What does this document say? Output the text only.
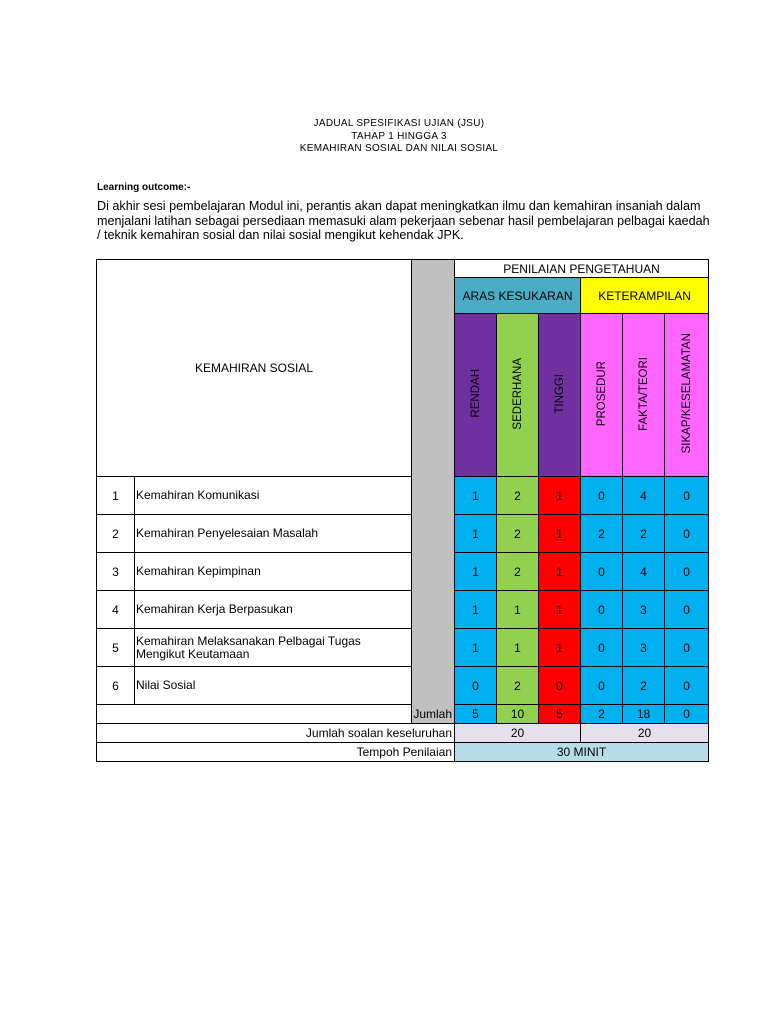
JADUAL SPESIFIKASI UJIAN (JSU)
TAHAP 1 HINGGA 3
KEMAHIRAN SOSIAL DAN NILAI SOSIAL
Learning outcome:-
Di akhir sesi pembelajaran Modul ini, perantis akan dapat meningkatkan ilmu dan kemahiran insaniah dalam menjalani latihan sebagai persediaan memasuki alam pekerjaan sebenar hasil pembelajaran pelbagai kaedah / teknik kemahiran sosial dan nilai sosial mengikut kehendak JPK.
KEMAHIRAN SOSIAL			PENILAIAN PENGETAHUAN					
			ARAS KESUKARAN			KETERAMPILAN		
			RENDAH	SEDERHANA	TINGGI	PROSEDUR	FAKTA/TEORI	SIKAP/KESELAMATAN
1	Kemahiran Komunikasi		1	2	1	0	4	0
2	Kemahiran Penyelesaian Masalah		1	2	1	2	2	0
3	Kemahiran Kepimpinan		1	2	1	0	4	0
4	Kemahiran Kerja Berpasukan		1	1	1	0	3	0
5	Kemahiran Melaksanakan Pelbagai Tugas Mengikut Keutamaan		1	1	1	0	3	0
6	Nilai Sosial		0	2	0	0	2	0
Jumlah			5	10	5	2	18	0
Jumlah soalan keseluruhan			20			20		
Tempoh Penilaian			30 MINIT					
